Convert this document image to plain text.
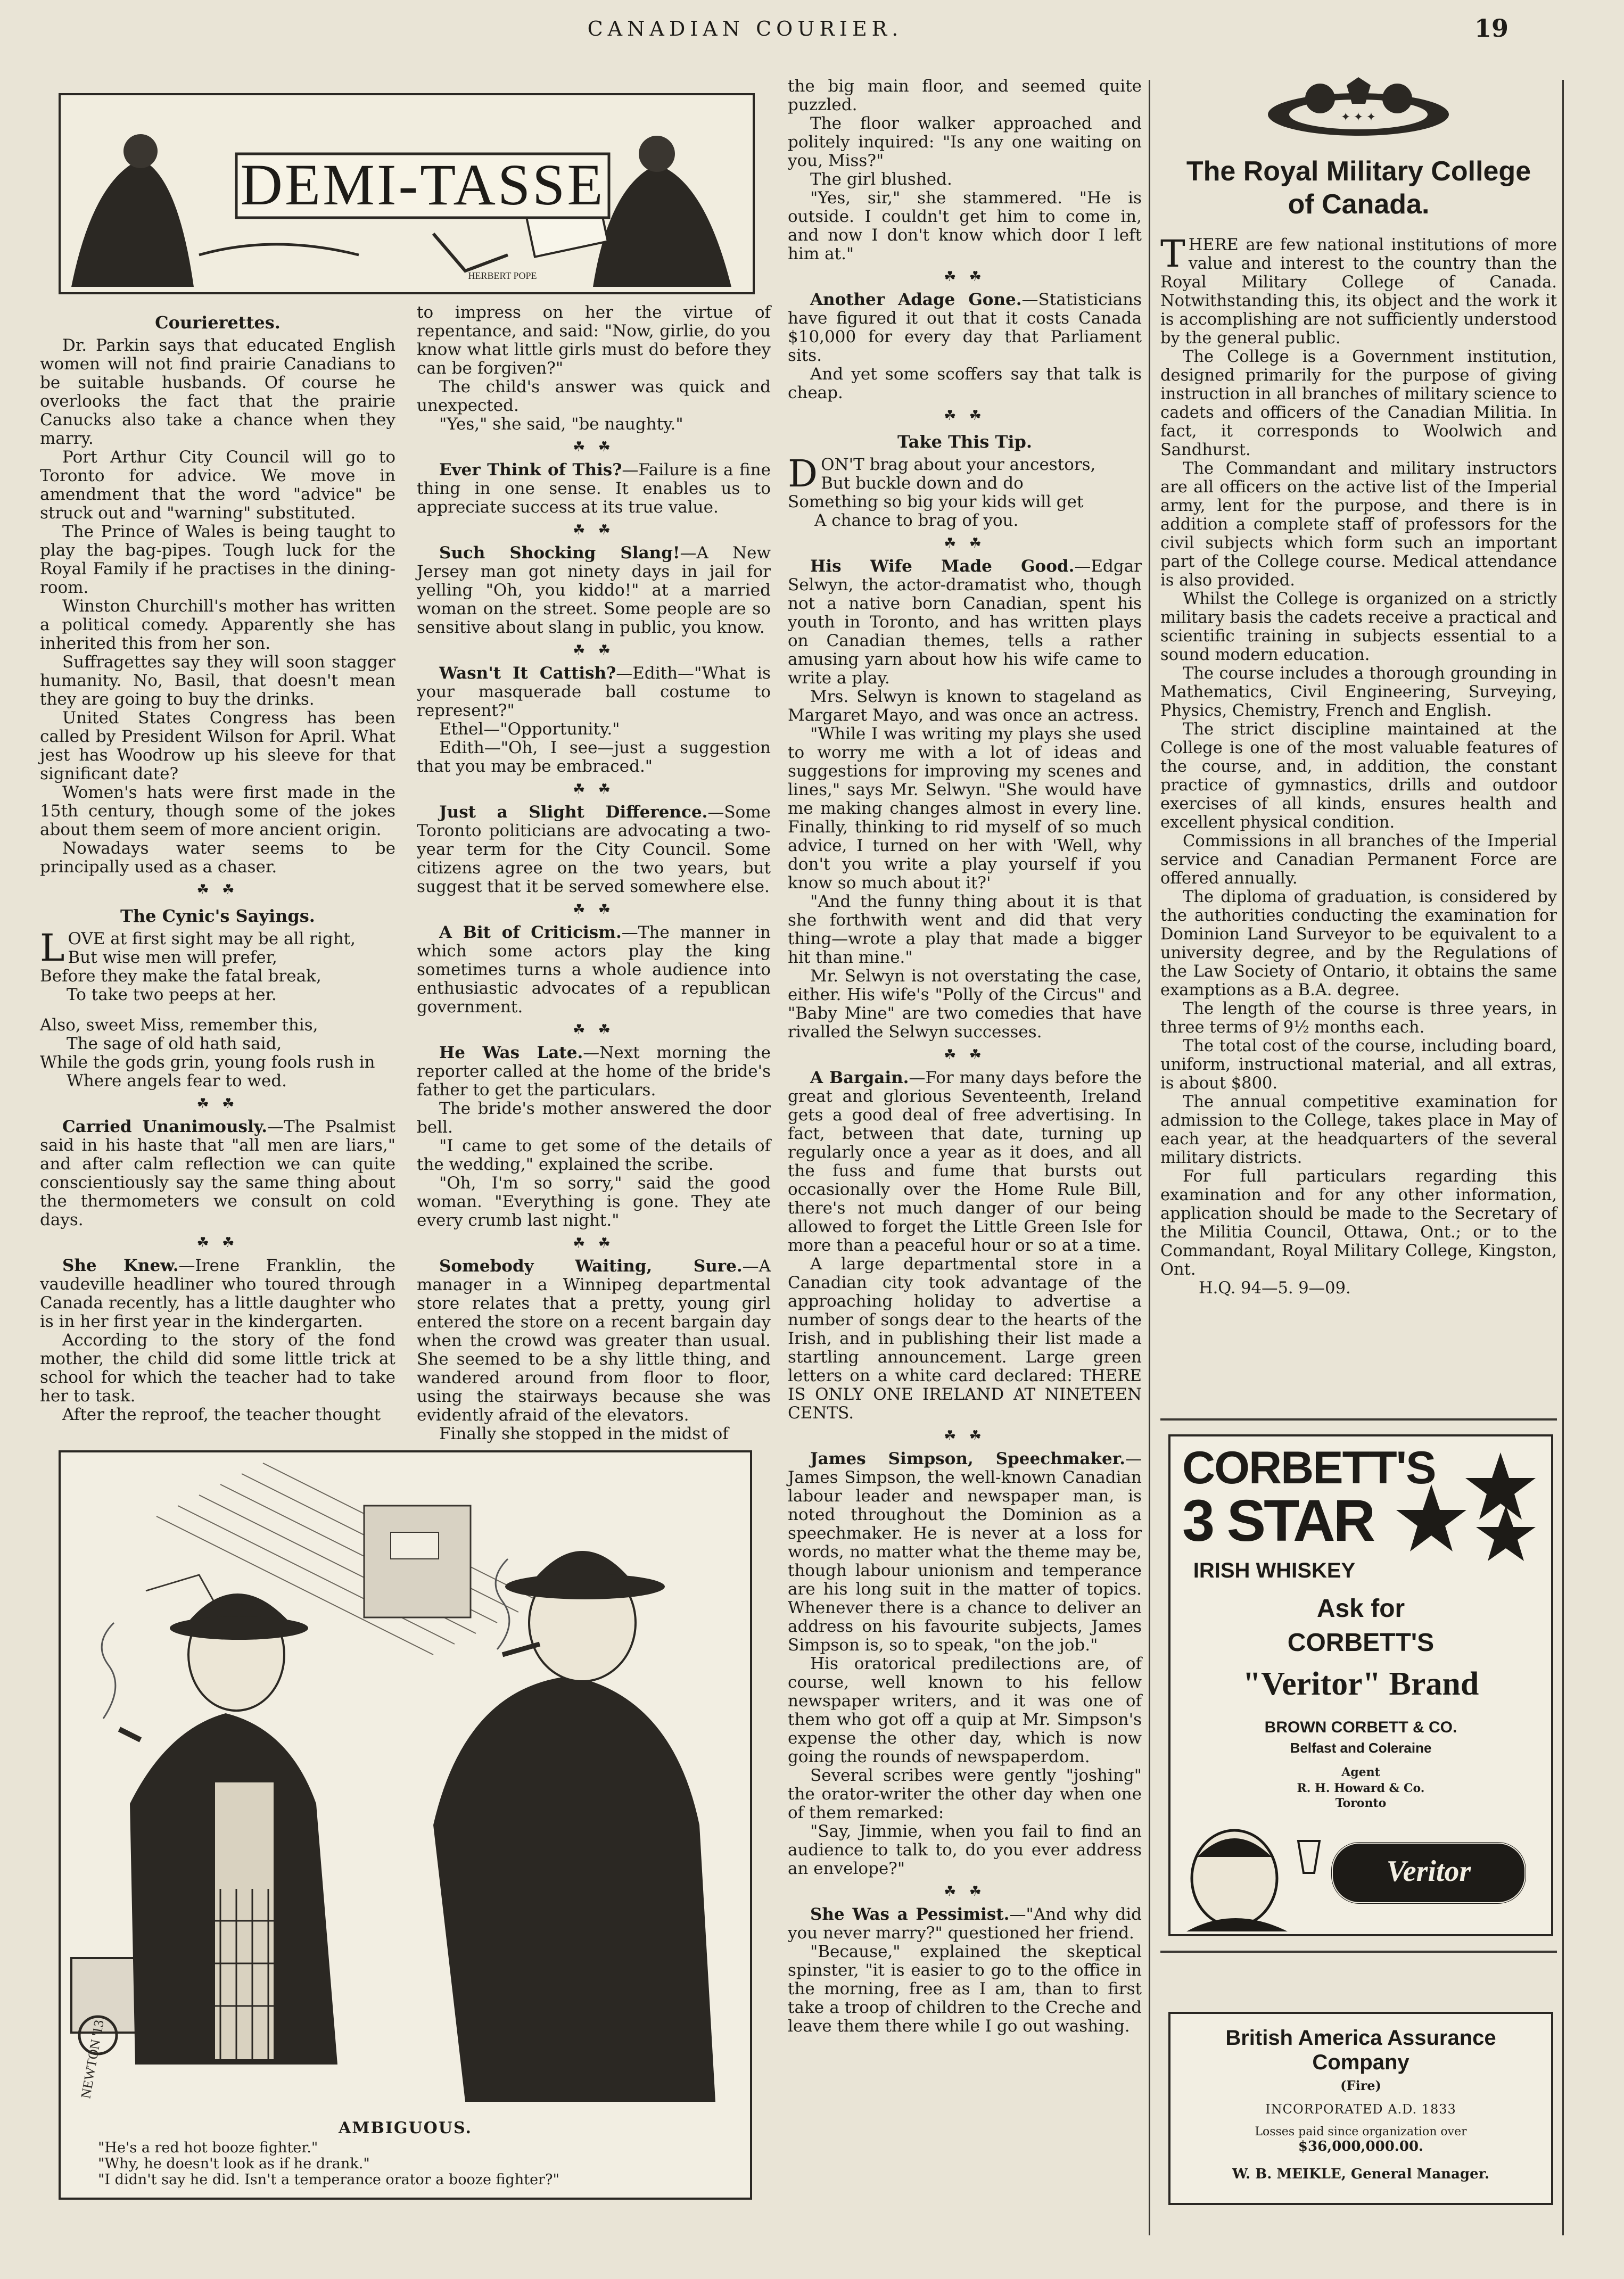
CANADIAN COURIER.	19
DEMI-TASSE
HERBERT POPE
Courierettes.

Dr. Parkin says that educated English women will not find prairie Canadians to be suitable husbands. Of course he overlooks the fact that the prairie Canucks also take a chance when they marry.

Port Arthur City Council will go to Toronto for advice. We move in amendment that the word "advice" be struck out and "warning" substituted.

The Prince of Wales is being taught to play the bag-pipes. Tough luck for the Royal Family if he practises in the dining-room.

Winston Churchill's mother has written a political comedy. Apparently she has inherited this from her son.

Suffragettes say they will soon stagger humanity. No, Basil, that doesn't mean they are going to buy the drinks.

United States Congress has been called by President Wilson for April. What jest has Woodrow up his sleeve for that significant date?

Women's hats were first made in the 15th century, though some of the jokes about them seem of more ancient origin.

Nowadays water seems to be principally used as a chaser.

☘ ☘
The Cynic's Sayings.
L OVE at first sight may be all right,
But wise men will prefer,
Before they make the fatal break,
To take two peeps at her.
Also, sweet Miss, remember this,
The sage of old hath said,
While the gods grin, young fools rush in
Where angels fear to wed.
☘ ☘

Carried Unanimously.—The Psalmist said in his haste that "all men are liars," and after calm reflection we can quite conscientiously say the same thing about the thermometers we consult on cold days.

☘ ☘

She Knew.—Irene Franklin, the vaudeville headliner who toured through Canada recently, has a little daughter who is in her first year in the kindergarten.

According to the story of the fond mother, the child did some little trick at school for which the teacher had to take her to task.

After the reproof, the teacher thought

to impress on her the virtue of repentance, and said: "Now, girlie, do you know what little girls must do before they can be forgiven?"

The child's answer was quick and unexpected.

"Yes," she said, "be naughty."

☘ ☘

Ever Think of This?—Failure is a fine thing in one sense. It enables us to appreciate success at its true value.

☘ ☘

Such Shocking Slang!—A New Jersey man got ninety days in jail for yelling "Oh, you kiddo!" at a married woman on the street. Some people are so sensitive about slang in public, you know.

☘ ☘

Wasn't It Cattish?—Edith—"What is your masquerade ball costume to represent?"

Ethel—"Opportunity."

Edith—"Oh, I see—just a suggestion that you may be embraced."

☘ ☘

Just a Slight Difference.—Some Toronto politicians are advocating a two-year term for the City Council. Some citizens agree on the two years, but suggest that it be served somewhere else.

☘ ☘

A Bit of Criticism.—The manner in which some actors play the king sometimes turns a whole audience into enthusiastic advocates of a republican government.

☘ ☘

He Was Late.—Next morning the reporter called at the home of the bride's father to get the particulars.

The bride's mother answered the door bell.

"I came to get some of the details of the wedding," explained the scribe.

"Oh, I'm so sorry," said the good woman. "Everything is gone. They ate every crumb last night."

☘ ☘

Somebody Waiting, Sure.—A manager in a Winnipeg departmental store relates that a pretty, young girl entered the store on a recent bargain day when the crowd was greater than usual. She seemed to be a shy little thing, and wandered around from floor to floor, using the stairways because she was evidently afraid of the elevators.

Finally she stopped in the midst of

the big main floor, and seemed quite puzzled.

The floor walker approached and politely inquired: "Is any one waiting on you, Miss?"

The girl blushed.

"Yes, sir," she stammered. "He is outside. I couldn't get him to come in, and now I don't know which door I left him at."

☘ ☘

Another Adage Gone.—Statisticians have figured it out that it costs Canada $10,000 for every day that Parliament sits.

And yet some scoffers say that talk is cheap.

☘ ☘
Take This Tip.
D ON'T brag about your ancestors,
But buckle down and do
Something so big your kids will get
A chance to brag of you.
☘ ☘

His Wife Made Good.—Edgar Selwyn, the actor-dramatist who, though not a native born Canadian, spent his youth in Toronto, and has written plays on Canadian themes, tells a rather amusing yarn about how his wife came to write a play.

Mrs. Selwyn is known to stageland as Margaret Mayo, and was once an actress.

"While I was writing my plays she used to worry me with a lot of ideas and suggestions for improving my scenes and lines," says Mr. Selwyn. "She would have me making changes almost in every line. Finally, thinking to rid myself of so much advice, I turned on her with 'Well, why don't you write a play yourself if you know so much about it?'

"And the funny thing about it is that she forthwith went and did that very thing—wrote a play that made a bigger hit than mine."

Mr. Selwyn is not overstating the case, either. His wife's "Polly of the Circus" and "Baby Mine" are two comedies that have rivalled the Selwyn successes.

☘ ☘

A Bargain.—For many days before the great and glorious Seventeenth, Ireland gets a good deal of free advertising. In fact, between that date, turning up regularly once a year as it does, and all the fuss and fume that bursts out occasionally over the Home Rule Bill, there's not much danger of our being allowed to forget the Little Green Isle for more than a peaceful hour or so at a time.

A large departmental store in a Canadian city took advantage of the approaching holiday to advertise a number of songs dear to the hearts of the Irish, and in publishing their list made a startling announcement. Large green letters on a white card declared: THERE IS ONLY ONE IRELAND AT NINETEEN CENTS.

☘ ☘

James Simpson, Speechmaker.—James Simpson, the well-known Canadian labour leader and newspaper man, is noted throughout the Dominion as a speechmaker. He is never at a loss for words, no matter what the theme may be, though labour unionism and temperance are his long suit in the matter of topics. Whenever there is a chance to deliver an address on his favourite subjects, James Simpson is, so to speak, "on the job."

His oratorical predilections are, of course, well known to his fellow newspaper writers, and it was one of them who got off a quip at Mr. Simpson's expense the other day, which is now going the rounds of newspaperdom.

Several scribes were gently "joshing" the orator-writer the other day when one of them remarked:

"Say, Jimmie, when you fail to find an audience to talk to, do you ever address an envelope?"

☘ ☘

She Was a Pessimist.—"And why did you never marry?" questioned her friend.

"Because," explained the skeptical spinster, "it is easier to go to the office in the morning, free as I am, than to first take a troop of children to the Creche and leave them there while I go out washing.

NEWTON '13
AMBIGUOUS.
"He's a red hot booze fighter."
"Why, he doesn't look as if he drank."
"I didn't say he did. Isn't a temperance orator a booze fighter?"
✦ ✦ ✦
The Royal Military College of Canada.

THERE are few national institutions of more value and interest to the country than the Royal Military College of Canada. Notwithstanding this, its object and the work it is accomplishing are not sufficiently understood by the general public.

The College is a Government institution, designed primarily for the purpose of giving instruction in all branches of military science to cadets and officers of the Canadian Militia. In fact, it corresponds to Woolwich and Sandhurst.

The Commandant and military instructors are all officers on the active list of the Imperial army, lent for the purpose, and there is in addition a complete staff of professors for the civil subjects which form such an important part of the College course. Medical attendance is also provided.

Whilst the College is organized on a strictly military basis the cadets receive a practical and scientific training in subjects essential to a sound modern education.

The course includes a thorough grounding in Mathematics, Civil Engineering, Surveying, Physics, Chemistry, French and English.

The strict discipline maintained at the College is one of the most valuable features of the course, and, in addition, the constant practice of gymnastics, drills and outdoor exercises of all kinds, ensures health and excellent physical condition.

Commissions in all branches of the Imperial service and Canadian Permanent Force are offered annually.

The diploma of graduation, is considered by the authorities conducting the examination for Dominion Land Surveyor to be equivalent to a university degree, and by the Regulations of the Law Society of Ontario, it obtains the same examptions as a B.A. degree.

The length of the course is three years, in three terms of 9½ months each.

The total cost of the course, including board, uniform, instructional material, and all extras, is about $800.

The annual competitive examination for admission to the College, takes place in May of each year, at the headquarters of the several military districts.

For full particulars regarding this examination and for any other information, application should be made to the Secretary of the Militia Council, Ottawa, Ont.; or to the Commandant, Royal Military College, Kingston, Ont.

H.Q. 94—5. 9—09.

CORBETT'S
3 STAR
IRISH WHISKEY
Ask for
CORBETT'S
"Veritor" Brand
BROWN CORBETT & CO.
Belfast and Coleraine
Agent
R. H. Howard & Co.
Toronto
Veritor
British America Assurance Company
(Fire)
INCORPORATED A.D. 1833
Losses paid since organization over
$36,000,000.00.
W. B. MEIKLE, General Manager.
